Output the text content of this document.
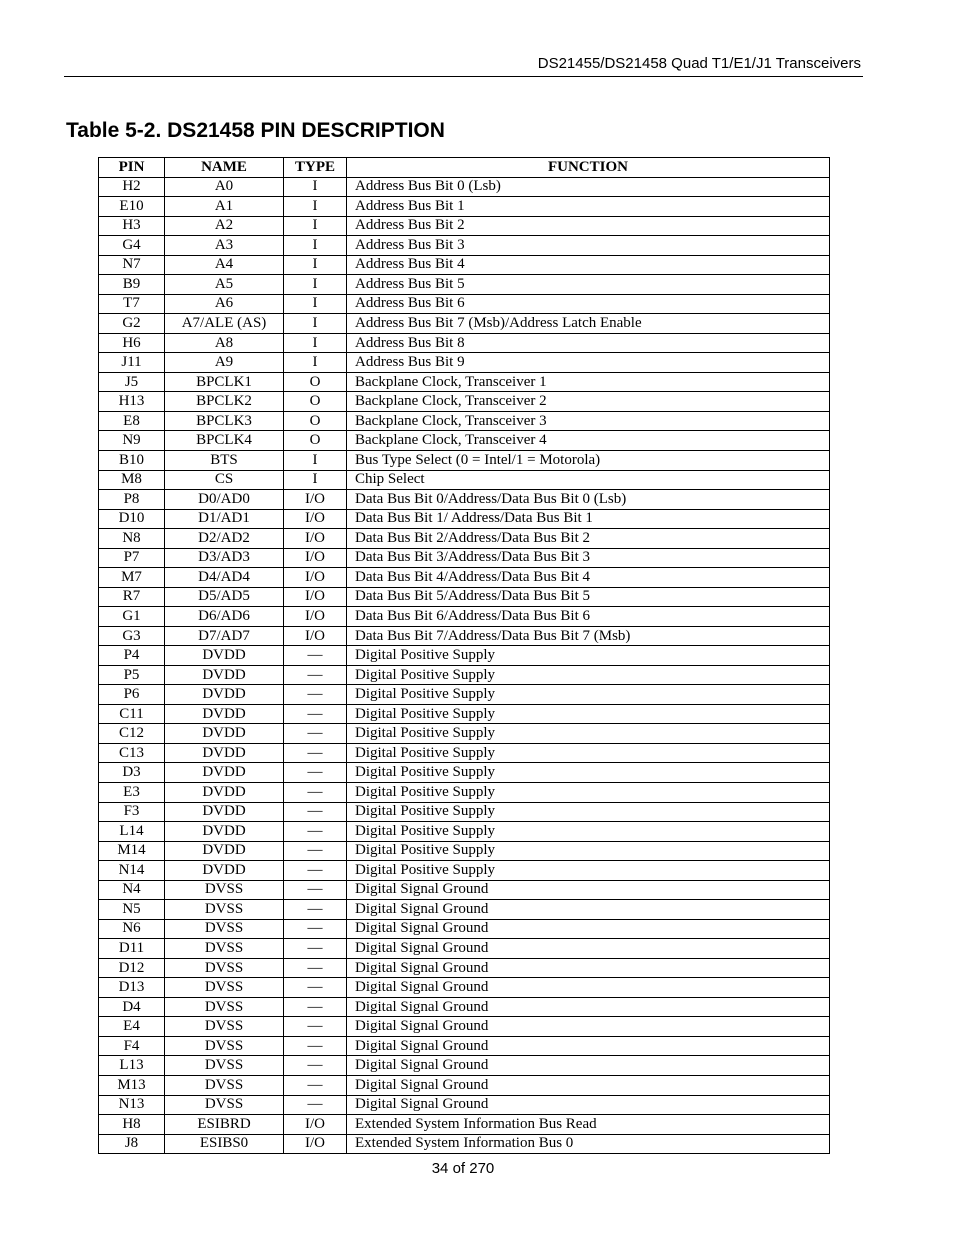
DS21455/DS21458 Quad T1/E1/J1 Transceivers
Table 5-2. DS21458 PIN DESCRIPTION
PIN	NAME	TYPE	FUNCTION
H2	A0	I	Address Bus Bit 0 (Lsb)
E10	A1	I	Address Bus Bit 1
H3	A2	I	Address Bus Bit 2
G4	A3	I	Address Bus Bit 3
N7	A4	I	Address Bus Bit 4
B9	A5	I	Address Bus Bit 5
T7	A6	I	Address Bus Bit 6
G2	A7/ALE (AS)	I	Address Bus Bit 7 (Msb)/Address Latch Enable
H6	A8	I	Address Bus Bit 8
J11	A9	I	Address Bus Bit 9
J5	BPCLK1	O	Backplane Clock, Transceiver 1
H13	BPCLK2	O	Backplane Clock, Transceiver 2
E8	BPCLK3	O	Backplane Clock, Transceiver 3
N9	BPCLK4	O	Backplane Clock, Transceiver 4
B10	BTS	I	Bus Type Select (0 = Intel/1 = Motorola)
M8	$\overline{CS}$	I	Chip Select
P8	D0/AD0	I/O	Data Bus Bit 0/Address/Data Bus Bit 0 (Lsb)
D10	D1/AD1	I/O	Data Bus Bit 1/ Address/Data Bus Bit 1
N8	D2/AD2	I/O	Data Bus Bit 2/Address/Data Bus Bit 2
P7	D3/AD3	I/O	Data Bus Bit 3/Address/Data Bus Bit 3
M7	D4/AD4	I/O	Data Bus Bit 4/Address/Data Bus Bit 4
R7	D5/AD5	I/O	Data Bus Bit 5/Address/Data Bus Bit 5
G1	D6/AD6	I/O	Data Bus Bit 6/Address/Data Bus Bit 6
G3	D7/AD7	I/O	Data Bus Bit 7/Address/Data Bus Bit 7 (Msb)
P4	DVDD	—	Digital Positive Supply
P5	DVDD	—	Digital Positive Supply
P6	DVDD	—	Digital Positive Supply
C11	DVDD	—	Digital Positive Supply
C12	DVDD	—	Digital Positive Supply
C13	DVDD	—	Digital Positive Supply
D3	DVDD	—	Digital Positive Supply
E3	DVDD	—	Digital Positive Supply
F3	DVDD	—	Digital Positive Supply
L14	DVDD	—	Digital Positive Supply
M14	DVDD	—	Digital Positive Supply
N14	DVDD	—	Digital Positive Supply
N4	DVSS	—	Digital Signal Ground
N5	DVSS	—	Digital Signal Ground
N6	DVSS	—	Digital Signal Ground
D11	DVSS	—	Digital Signal Ground
D12	DVSS	—	Digital Signal Ground
D13	DVSS	—	Digital Signal Ground
D4	DVSS	—	Digital Signal Ground
E4	DVSS	—	Digital Signal Ground
F4	DVSS	—	Digital Signal Ground
L13	DVSS	—	Digital Signal Ground
M13	DVSS	—	Digital Signal Ground
N13	DVSS	—	Digital Signal Ground
H8	ESIBRD	I/O	Extended System Information Bus Read
J8	ESIBS0	I/O	Extended System Information Bus 0
34 of 270
